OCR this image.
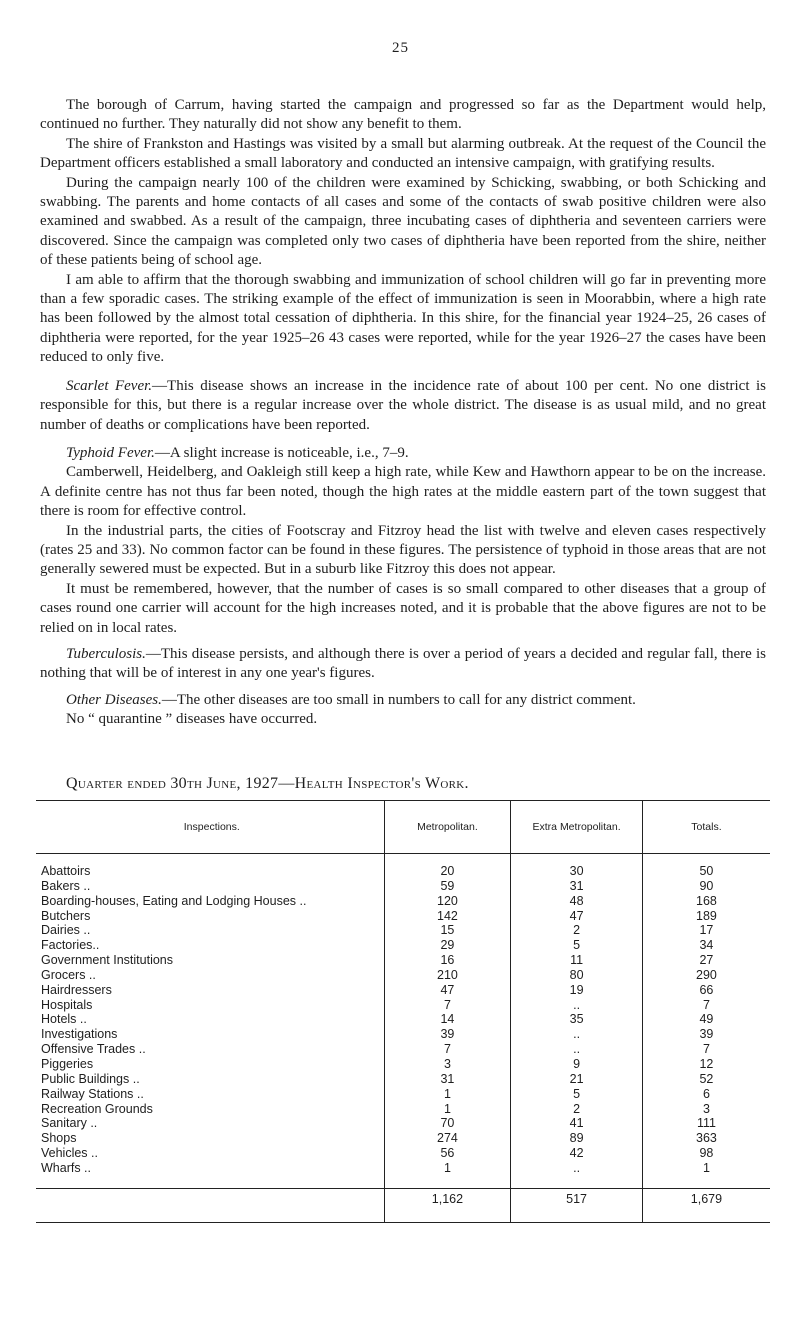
25

The borough of Carrum, having started the campaign and progressed so far as the Department would help, continued no further. They naturally did not show any benefit to them.

The shire of Frankston and Hastings was visited by a small but alarming outbreak. At the request of the Council the Department officers established a small laboratory and conducted an intensive campaign, with gratifying results.

During the campaign nearly 100 of the children were examined by Schicking, swabbing, or both Schicking and swabbing. The parents and home contacts of all cases and some of the contacts of swab positive children were also examined and swabbed. As a result of the campaign, three incubating cases of diphtheria and seventeen carriers were discovered. Since the campaign was completed only two cases of diphtheria have been reported from the shire, neither of these patients being of school age.

I am able to affirm that the thorough swabbing and immunization of school children will go far in preventing more than a few sporadic cases. The striking example of the effect of immunization is seen in Moorabbin, where a high rate has been followed by the almost total cessation of diphtheria. In this shire, for the financial year 1924–25, 26 cases of diphtheria were reported, for the year 1925–26 43 cases were reported, while for the year 1926–27 the cases have been reduced to only five.

Scarlet Fever.—This disease shows an increase in the incidence rate of about 100 per cent. No one district is responsible for this, but there is a regular increase over the whole district. The disease is as usual mild, and no great number of deaths or complications have been reported.

Typhoid Fever.—A slight increase is noticeable, i.e., 7–9.

Camberwell, Heidelberg, and Oakleigh still keep a high rate, while Kew and Hawthorn appear to be on the increase. A definite centre has not thus far been noted, though the high rates at the middle eastern part of the town suggest that there is room for effective control.

In the industrial parts, the cities of Footscray and Fitzroy head the list with twelve and eleven cases respectively (rates 25 and 33). No common factor can be found in these figures. The persistence of typhoid in those areas that are not generally sewered must be expected. But in a suburb like Fitzroy this does not appear.

It must be remembered, however, that the number of cases is so small compared to other diseases that a group of cases round one carrier will account for the high increases noted, and it is probable that the above figures are not to be relied on in local rates.

Tuberculosis.—This disease persists, and although there is over a period of years a decided and regular fall, there is nothing that will be of interest in any one year's figures.

Other Diseases.—The other diseases are too small in numbers to call for any district comment.

No “ quarantine ” diseases have occurred.

Quarter ended 30th June, 1927—Health Inspector's Work.
Inspections.	Metropolitan.	Extra Metropolitan.	Totals.

Abattoirs	20	30	50
Bakers ..	59	31	90
Boarding-houses, Eating and Lodging Houses ..	120	48	168
Butchers	142	47	189
Dairies ..	15	2	17
Factories..	29	5	34
Government Institutions	16	11	27
Grocers ..	210	80	290
Hairdressers	47	19	66
Hospitals	7	..	7
Hotels ..	14	35	49
Investigations	39	..	39
Offensive Trades ..	7	..	7
Piggeries	3	9	12
Public Buildings ..	31	21	52
Railway Stations ..	1	5	6
Recreation Grounds	1	2	3
Sanitary ..	70	41	111
Shops	274	89	363
Vehicles ..	56	42	98
Wharfs ..	1	..	1

	1,162	517	1,679
